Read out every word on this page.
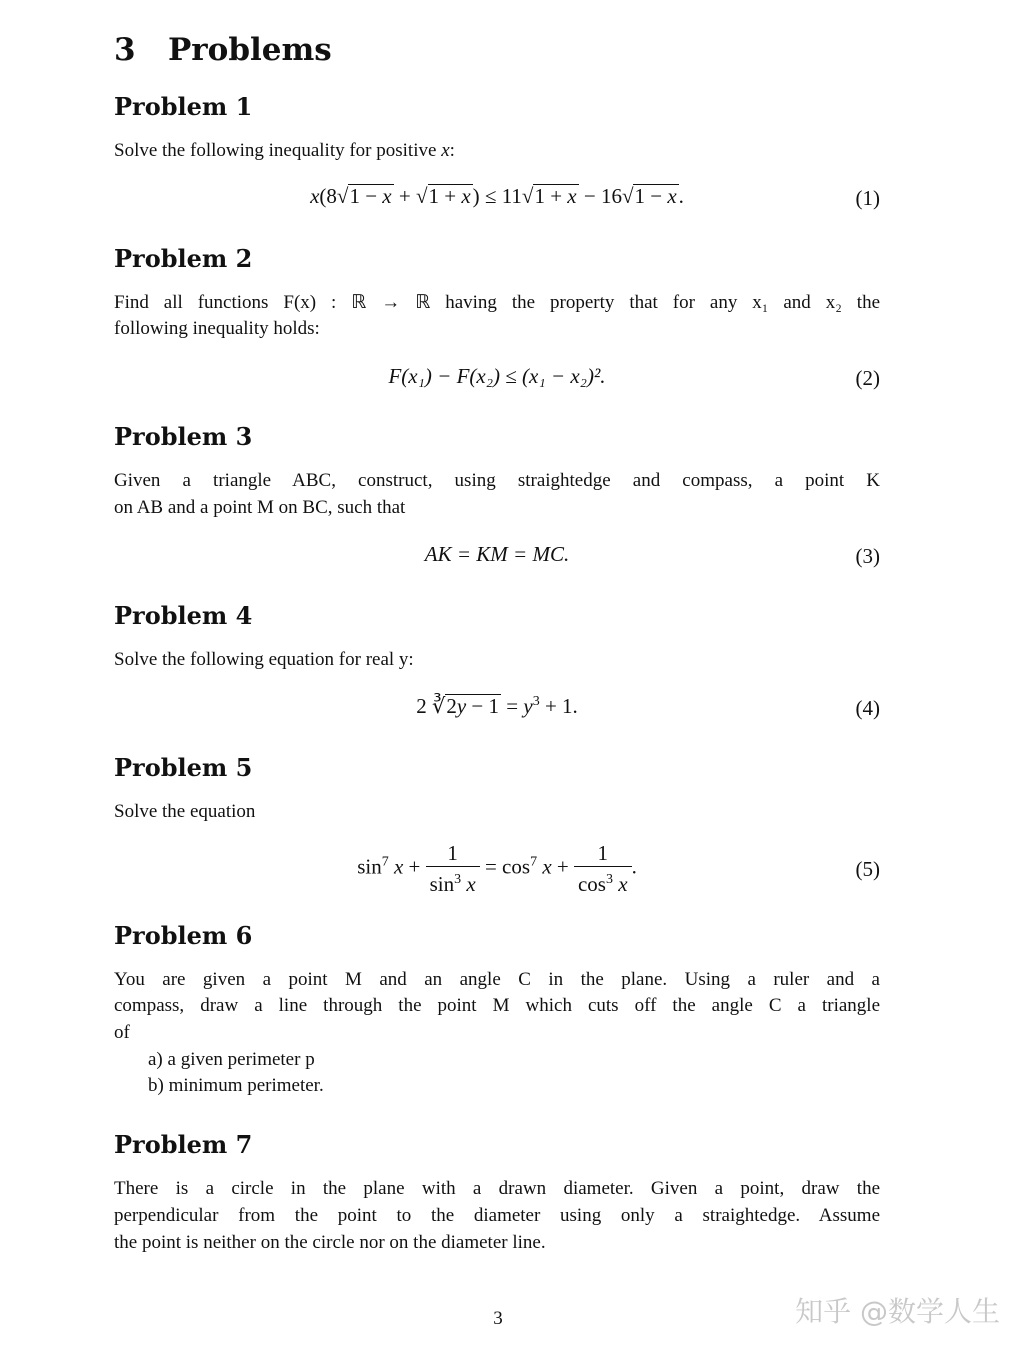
3 Problems
Problem 1
Solve the following inequality for positive x:
x(8√1 − x + √1 + x) ≤ 11√1 + x − 16√1 − x.	(1)
Problem 2
Find all functions F(x) : ℝ → ℝ having the property that for any x₁ and x₂ the
following inequality holds:
F(x₁) − F(x₂) ≤ (x₁ − x₂)².	(2)
Problem 3
Given a triangle ABC, construct, using straightedge and compass, a point K
on AB and a point M on BC, such that
AK = KM = MC.	(3)
Problem 4
Solve the following equation for real y:
2 ∛2y − $1 = y^3 + 1$.	(4)
Problem 5
Solve the equation
$\sin^7 x + \frac{1}{\sin^3 x} = \cos^7 x + \frac{1}{\cos^3 x}$ .	(5)
Problem 6
You are given a point M and an angle C in the plane. Using a ruler and a
compass, draw a line through the point M which cuts off the angle C a triangle
of
a) a given perimeter p
b) minimum perimeter.
Problem 7
There is a circle in the plane with a drawn diameter. Given a point, draw the
perpendicular from the point to the diameter using only a straightedge. Assume
the point is neither on the circle nor on the diameter line.
3	知乎 @数学人生
